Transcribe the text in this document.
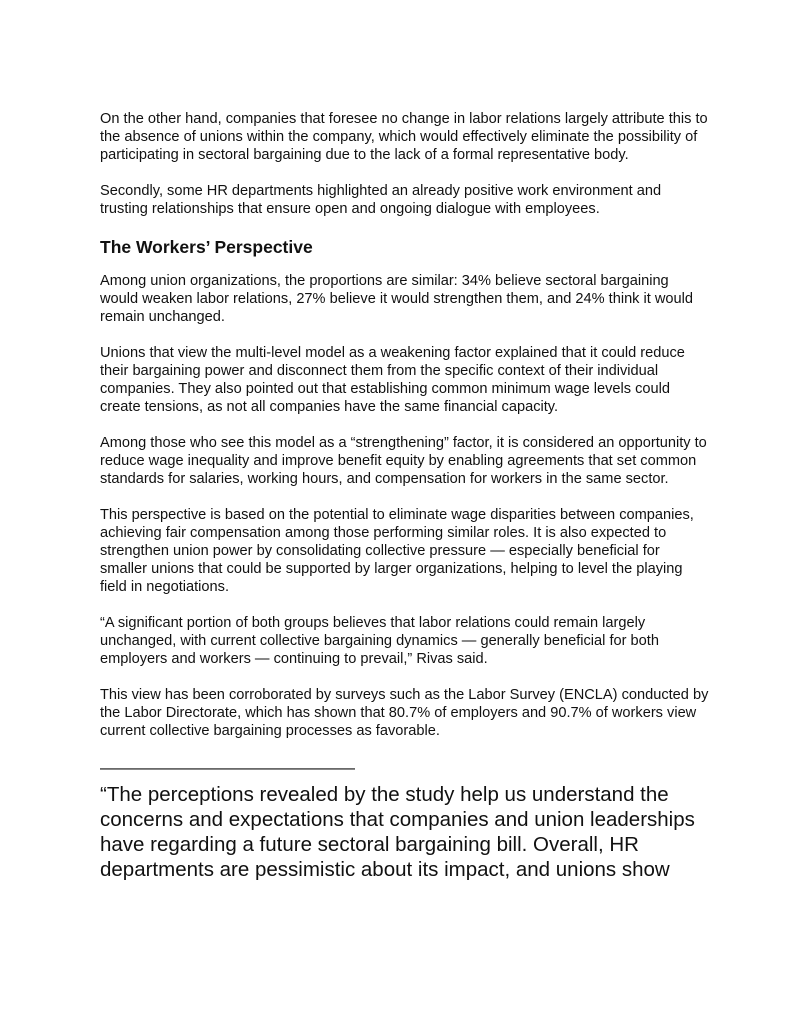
On the other hand, companies that foresee no change in labor relations largely attribute this to the absence of unions within the company, which would effectively eliminate the possibility of participating in sectoral bargaining due to the lack of a formal representative body.

Secondly, some HR departments highlighted an already positive work environment and trusting relationships that ensure open and ongoing dialogue with employees.

The Workers’ Perspective

Among union organizations, the proportions are similar: 34% believe sectoral bargaining would weaken labor relations, 27% believe it would strengthen them, and 24% think it would remain unchanged.

Unions that view the multi-level model as a weakening factor explained that it could reduce their bargaining power and disconnect them from the specific context of their individual companies. They also pointed out that establishing common minimum wage levels could create tensions, as not all companies have the same financial capacity.

Among those who see this model as a “strengthening” factor, it is considered an opportunity to reduce wage inequality and improve benefit equity by enabling agreements that set common standards for salaries, working hours, and compensation for workers in the same sector.

This perspective is based on the potential to eliminate wage disparities between companies, achieving fair compensation among those performing similar roles. It is also expected to strengthen union power by consolidating collective pressure — especially beneficial for smaller unions that could be supported by larger organizations, helping to level the playing field in negotiations.

“A significant portion of both groups believes that labor relations could remain largely unchanged, with current collective bargaining dynamics — generally beneficial for both employers and workers — continuing to prevail,” Rivas said.

This view has been corroborated by surveys such as the Labor Survey (ENCLA) conducted by the Labor Directorate, which has shown that 80.7% of employers and 90.7% of workers view current collective bargaining processes as favorable.

———————————————

“The perceptions revealed by the study help us understand the concerns and expectations that companies and union leaderships have regarding a future sectoral bargaining bill. Overall, HR departments are pessimistic about its impact, and unions show
